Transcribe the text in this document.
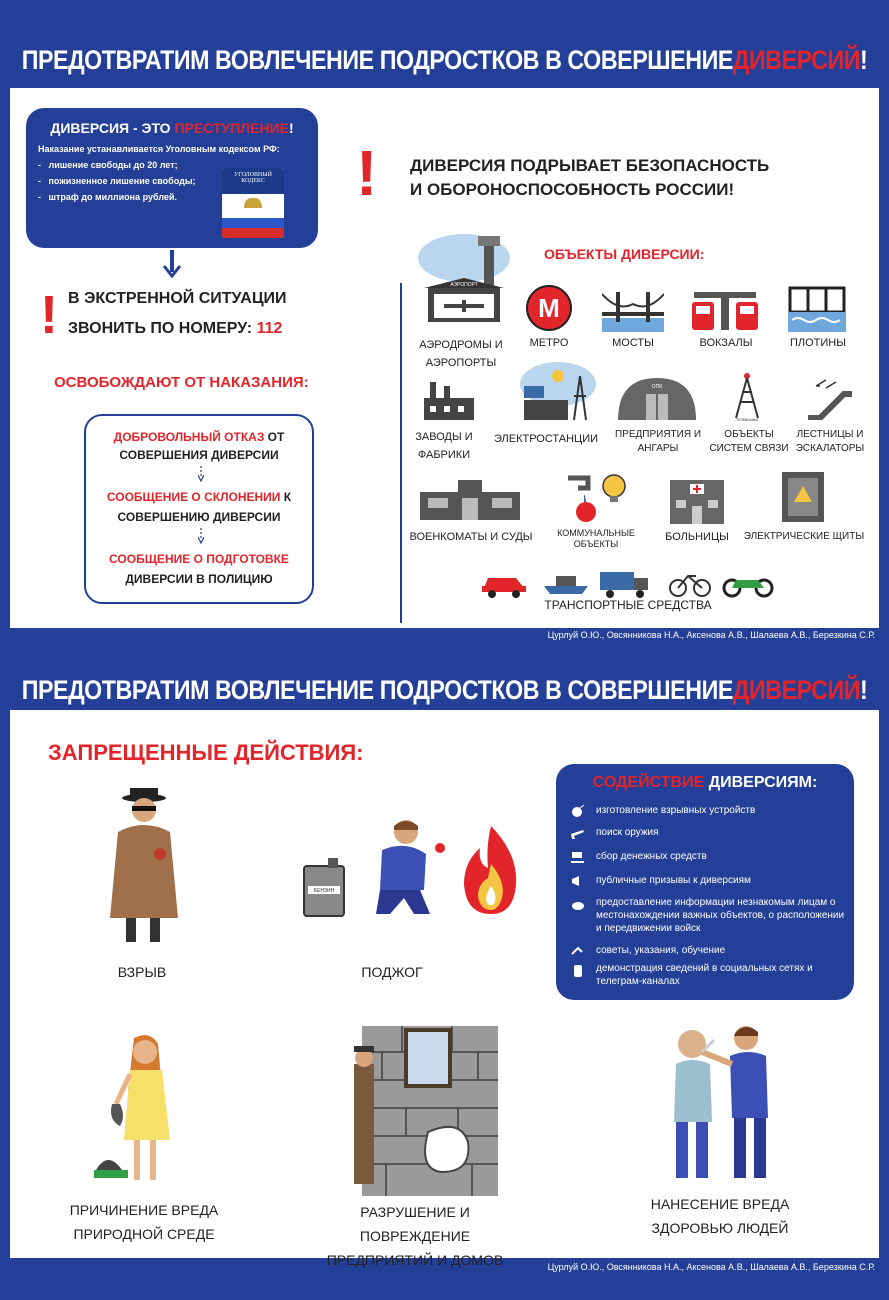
ПРЕДОТВРАТИМ ВОВЛЕЧЕНИЕ ПОДРОСТКОВ В СОВЕРШЕНИЕ ДИВЕРСИЙ !
ДИВЕРСИЯ - ЭТО ПРЕСТУПЛЕНИЕ!
Наказание устанавливается Уголовным кодексом РФ:
-   лишение свободы до 20 лет;
-   пожизненное лишение свободы;
-   штраф до миллиона рублей.
УГОЛОВНЫЙ КОДЕКС
! В ЭКСТРЕННОЙ СИТУАЦИИ
ЗВОНИТЬ ПО НОМЕРУ: 112
ОСВОБОЖДАЮТ ОТ НАКАЗАНИЯ:
ДОБРОВОЛЬНЫЙ ОТКАЗ ОТ
СОВЕРШЕНИЯ ДИВЕРСИИ
СООБЩЕНИЕ О СКЛОНЕНИИ К
СОВЕРШЕНИЮ ДИВЕРСИИ
СООБЩЕНИЕ О ПОДГОТОВКЕ
ДИВЕРСИИ В ПОЛИЦИЮ
! ДИВЕРСИЯ ПОДРЫВАЕТ БЕЗОПАСНОСТЬ
И ОБОРОНОСПОСОБНОСТЬ РОССИИ!
ОБЪЕКТЫ ДИВЕРСИИ:
АЭРОПОРТ
АЭРОДРОМЫ И АЭРОПОРТЫ
M
МЕТРО	МОСТЫ	ВОКЗАЛЫ	ПЛОТИНЫ
ЗАВОДЫ И ФАБРИКИ
ЭЛЕКТРОСТАНЦИИ
ОПК
ПРЕДПРИЯТИЯ И АНГАРЫ
ТЕЛЕВЫШКА
ОБЪЕКТЫ СИСТЕМ СВЯЗИ
ЛЕСТНИЦЫ И ЭСКАЛАТОРЫ
ВОЕНКОМАТЫ И СУДЫ	КОММУНАЛЬНЫЕ ОБЪЕКТЫ
БОЛЬНИЦЫ	ЭЛЕКТРИЧЕСКИЕ ЩИТЫ
ТРАНСПОРТНЫЕ СРЕДСТВА
Цурлуй О.Ю., Овсянникова Н.А., Аксенова А.В., Шалаева А.В., Березкина С.Р.
ПРЕДОТВРАТИМ ВОВЛЕЧЕНИЕ ПОДРОСТКОВ В СОВЕРШЕНИЕ ДИВЕРСИЙ !
ЗАПРЕЩЕННЫЕ ДЕЙСТВИЯ:
СОДЕЙСТВИЕ ДИВЕРСИЯМ:
изготовление взрывных устройств
поиск оружия
сбор денежных средств
публичные призывы к диверсиям
предоставление информации незнакомым лицам о местонахождении важных объектов, о расположении и передвижении войск
советы, указания, обучение
демонстрация сведений в социальных сетях и телеграм-каналах
ВЗРЫВ
БЕНЗИН
ПОДЖОГ
ПРИЧИНЕНИЕ ВРЕДА
ПРИРОДНОЙ СРЕДЕ
РАЗРУШЕНИЕ И ПОВРЕЖДЕНИЕ
ПРЕДПРИЯТИЙ И ДОМОВ
НАНЕСЕНИЕ ВРЕДА
ЗДОРОВЬЮ ЛЮДЕЙ
Цурлуй О.Ю., Овсянникова Н.А., Аксенова А.В., Шалаева А.В., Березкина С.Р.
